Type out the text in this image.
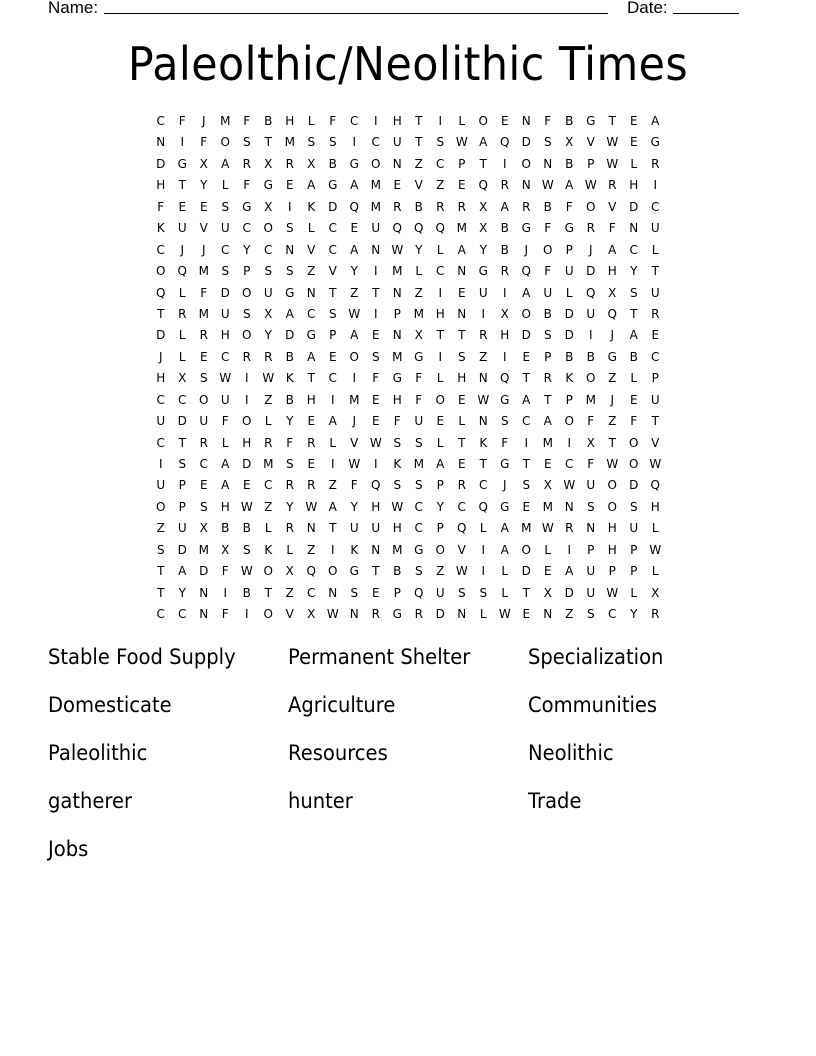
Name:	Date:
Paleolthic/Neolithic Times
C	F	J	M	F	B	H	L	F	C	I	H	T	I	L	O	E	N	F	B	G	T	E	A
N	I	F	O	S	T	M	S	S	I	C	U	T	S W A	Q	D	S	X	V W E	G
D	G	X	A	R	X	R	X	B	G	O	N	Z	C	P	T	I	O	N	B	P W	L	R
H	T	Y	L	F	G	E	A	G	A	M	E	V	Z	E	Q	R	N W A W R	H	I
F	E	E	S	G	X	I	K	D	Q M	R	B	R	R	X	A	R	B	F	O	V	D	C
K	U	V	U	C	O	S	L	C	E	U	Q	Q	Q M	X	B	G	F	G	R	F	N	U
C	J	J	C	Y	C	N	V	C	A	N W Y	L	A	Y	B	J	O	P	J	A	C	L
O	Q M	S	P	S	S	Z	V	Y	I	M	L	C	N	G	R	Q	F	U	D	H	Y	T
Q	L	F	D	O	U	G	N	T	Z	T	N	Z	I	E	U	I	A	U	L	Q	X	S	U
T	R	M U	S	X	A	C	S W	I	P	M H	N	I	X	O	B	D	U	Q	T	R
D	L	R	H	O	Y	D	G	P	A	E	N	X	T	T	R	H	D	S	D	I	J	A	E
J	L	E	C	R	R	B	A	E	O	S	M G	I	S	Z	I	E	P	B	B	G	B	C
H	X	S W	I	W K	T	C	I	F	G	F	L	H	N	Q	T	R	K	O	Z	L	P
C	C	O	U	I	Z	B	H	I	M	E	H	F	O	E W G	A	T	P	M	J	E	U
U	D	U	F	O	L	Y	E	A	J	E	F	U	E	L	N	S	C	A	O	F	Z	F	T
C	T	R	L	H	R	F	R	L	V W S	S	L	T	K	F	I	M	I	X	T	O	V
I	S	C	A	D M	S	E	I	W	I	K	M	A	E	T	G	T	E	C	F	W O W
U	P	E	A	E	C	R	R	Z	F	Q	S	S	P	R	C	J	S	X W U	O	D	Q
O	P	S	H W Z	Y W A	Y	H W C	Y	C	Q	G	E	M N	S	O	S	H
Z	U	X	B	B	L	R	N	T	U	U	H	C	P	Q	L	A	M W R	N	H	U	L
S	D M	X	S	K	L	Z	I	K	N M G	O	V	I	A	O	L	I	P	H	P W
T	A	D	F	W O	X	Q	O	G	T	B	S	Z W	I	L	D	E	A	U	P	P	L
T	Y	N	I	B	T	Z	C	N	S	E	P	Q	U	S	S	L	T	X	D	U W	L	X
C	C	N	F	I	O	V	X W N	R	G	R	D	N	L	W E	N	Z	S	C	Y	R
Stable Food Supply	Permanent Shelter	Specialization
Domesticate	Agriculture	Communities
Paleolithic	Resources	Neolithic
gatherer	hunter	Trade
Jobs
